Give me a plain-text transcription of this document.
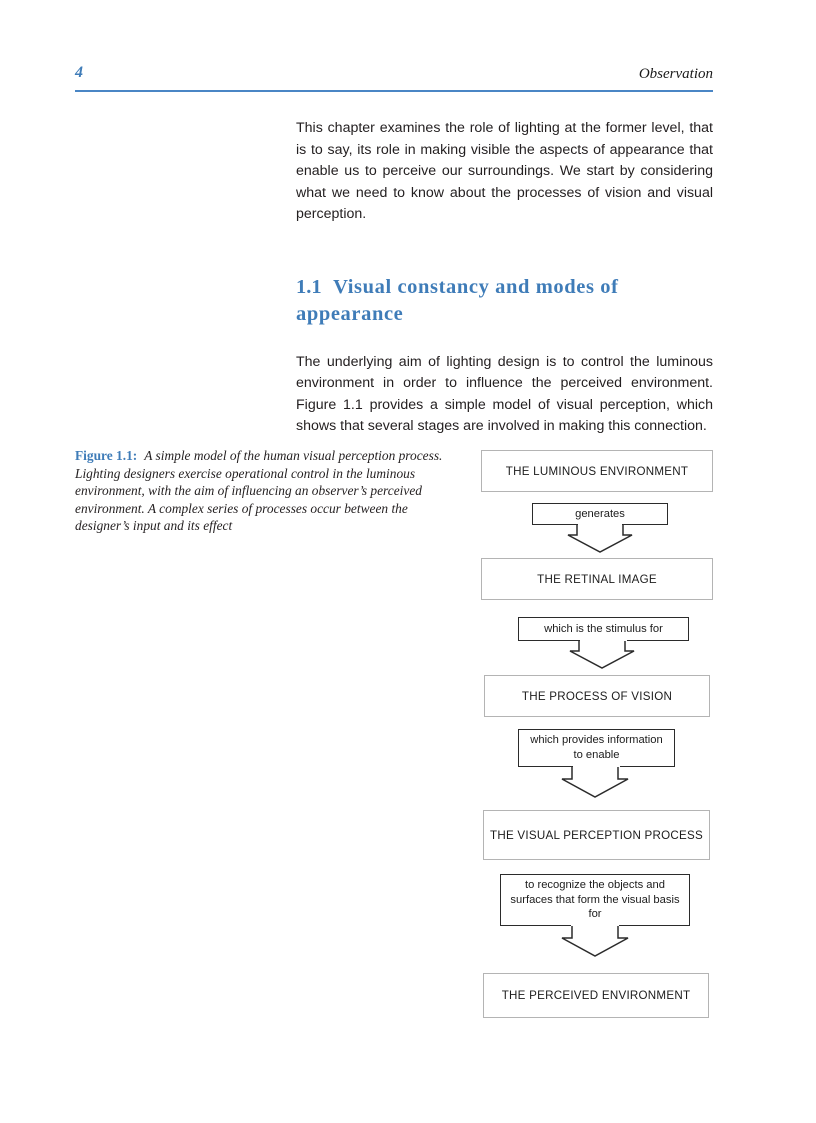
4	Observation

This chapter examines the role of lighting at the former level, that is to say, its role in making visible the aspects of appearance that enable us to perceive our surroundings. We start by considering what we need to know about the processes of vision and visual perception.

1.1 Visual constancy and modes of appearance

The underlying aim of lighting design is to control the luminous environment in order to influence the perceived environment. Figure 1.1 provides a simple model of visual perception, which shows that several stages are involved in making this connection.

Figure 1.1: A simple model of the human visual perception process. Lighting designers exercise operational control in the luminous environment, with the aim of influencing an observer’s perceived environment. A complex series of processes occur between the designer’s input and its effect
THE LUMINOUS ENVIRONMENT
generates
THE RETINAL IMAGE
which is the stimulus for
THE PROCESS OF VISION
which provides information to enable
THE VISUAL PERCEPTION PROCESS
to recognize the objects and surfaces that form the visual basis for
THE PERCEIVED ENVIRONMENT
